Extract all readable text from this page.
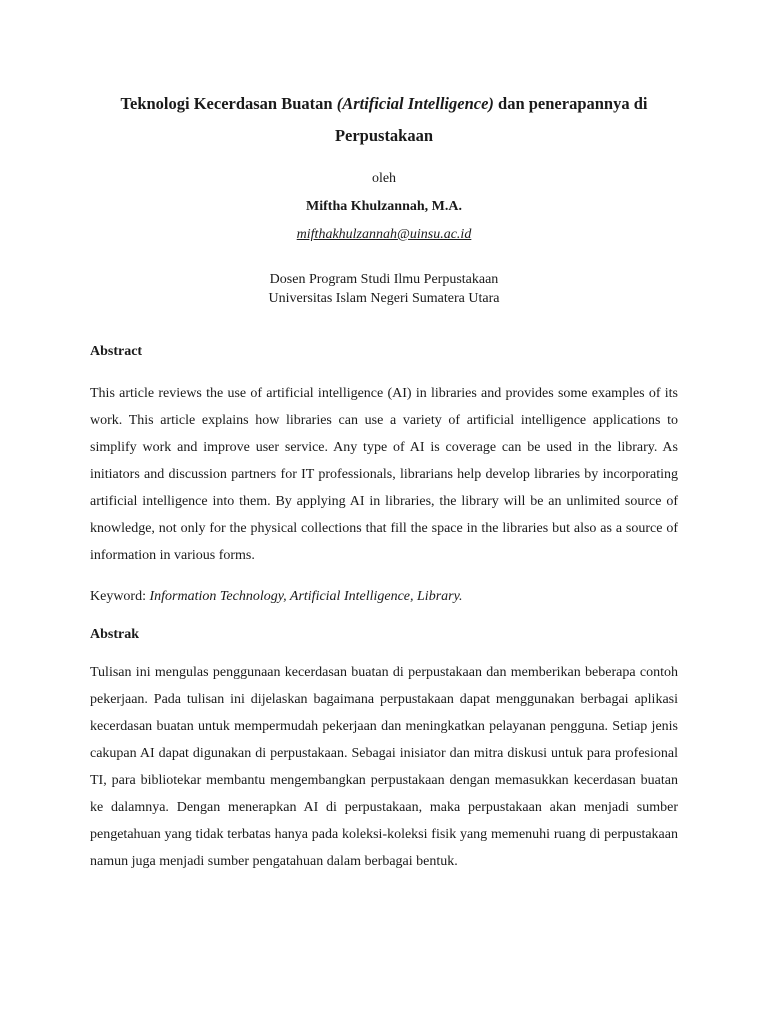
Teknologi Kecerdasan Buatan (Artificial Intelligence) dan penerapannya di Perpustakaan
oleh
Miftha Khulzannah, M.A.
mifthakhulzannah@uinsu.ac.id
Dosen Program Studi Ilmu Perpustakaan
Universitas Islam Negeri Sumatera Utara
Abstract
This article reviews the use of artificial intelligence (AI) in libraries and provides some examples of its work. This article explains how libraries can use a variety of artificial intelligence applications to simplify work and improve user service. Any type of AI is coverage can be used in the library. As initiators and discussion partners for IT professionals, librarians help develop libraries by incorporating artificial intelligence into them. By applying AI in libraries, the library will be an unlimited source of knowledge, not only for the physical collections that fill the space in the libraries but also as a source of information in various forms.
Keyword: Information Technology, Artificial Intelligence, Library.
Abstrak
Tulisan ini mengulas penggunaan kecerdasan buatan di perpustakaan dan memberikan beberapa contoh pekerjaan. Pada tulisan ini dijelaskan bagaimana perpustakaan dapat menggunakan berbagai aplikasi kecerdasan buatan untuk mempermudah pekerjaan dan meningkatkan pelayanan pengguna. Setiap jenis cakupan AI dapat digunakan di perpustakaan. Sebagai inisiator dan mitra diskusi untuk para profesional TI, para bibliotekar membantu mengembangkan perpustakaan dengan memasukkan kecerdasan buatan ke dalamnya. Dengan menerapkan AI di perpustakaan, maka perpustakaan akan menjadi sumber pengetahuan yang tidak terbatas hanya pada koleksi-koleksi fisik yang memenuhi ruang di perpustakaan namun juga menjadi sumber pengatahuan dalam berbagai bentuk.
